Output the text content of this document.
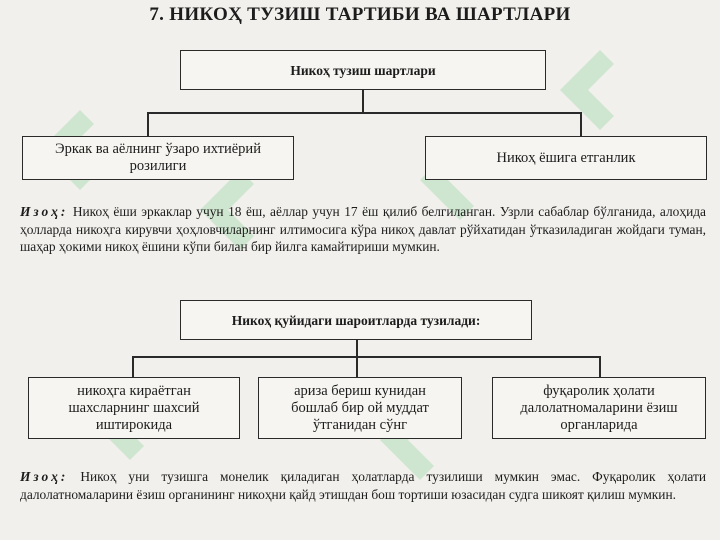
7. НИКОҲ ТУЗИШ ТАРТИБИ ВА ШАРТЛАРИ
Никоҳ тузиш шартлари
Эркак ва аёлнинг ўзаро ихтиёрий розилиги
Никоҳ ёшига етганлик
Изоҳ: Никоҳ ёши эркаклар учун 18 ёш, аёллар учун 17 ёш қилиб белгиланган. Узрли сабаблар бўлганида, алоҳида ҳолларда никоҳга кирувчи ҳоҳловчиларнинг илтимосига кўра никоҳ давлат рўйхатидан ўтказиладиган жойдаги туман, шаҳар ҳокими никоҳ ёшини кўпи билан бир йилга камайтириши мумкин.
Никоҳ қуйидаги шароитларда тузилади:
никоҳга кираётган шахсларнинг шахсий иштирокида
ариза бериш кунидан бошлаб бир ой муддат ўтганидан сўнг
фуқаролик ҳолати далолатномаларини ёзиш органларида
Изоҳ: Никоҳ уни тузишга монелик қиладиган ҳолатларда тузилиши мумкин эмас. Фуқаролик ҳолати далолатномаларини ёзиш органининг никоҳни қайд этишдан бош тортиши юзасидан судга шикоят қилиш мумкин.
